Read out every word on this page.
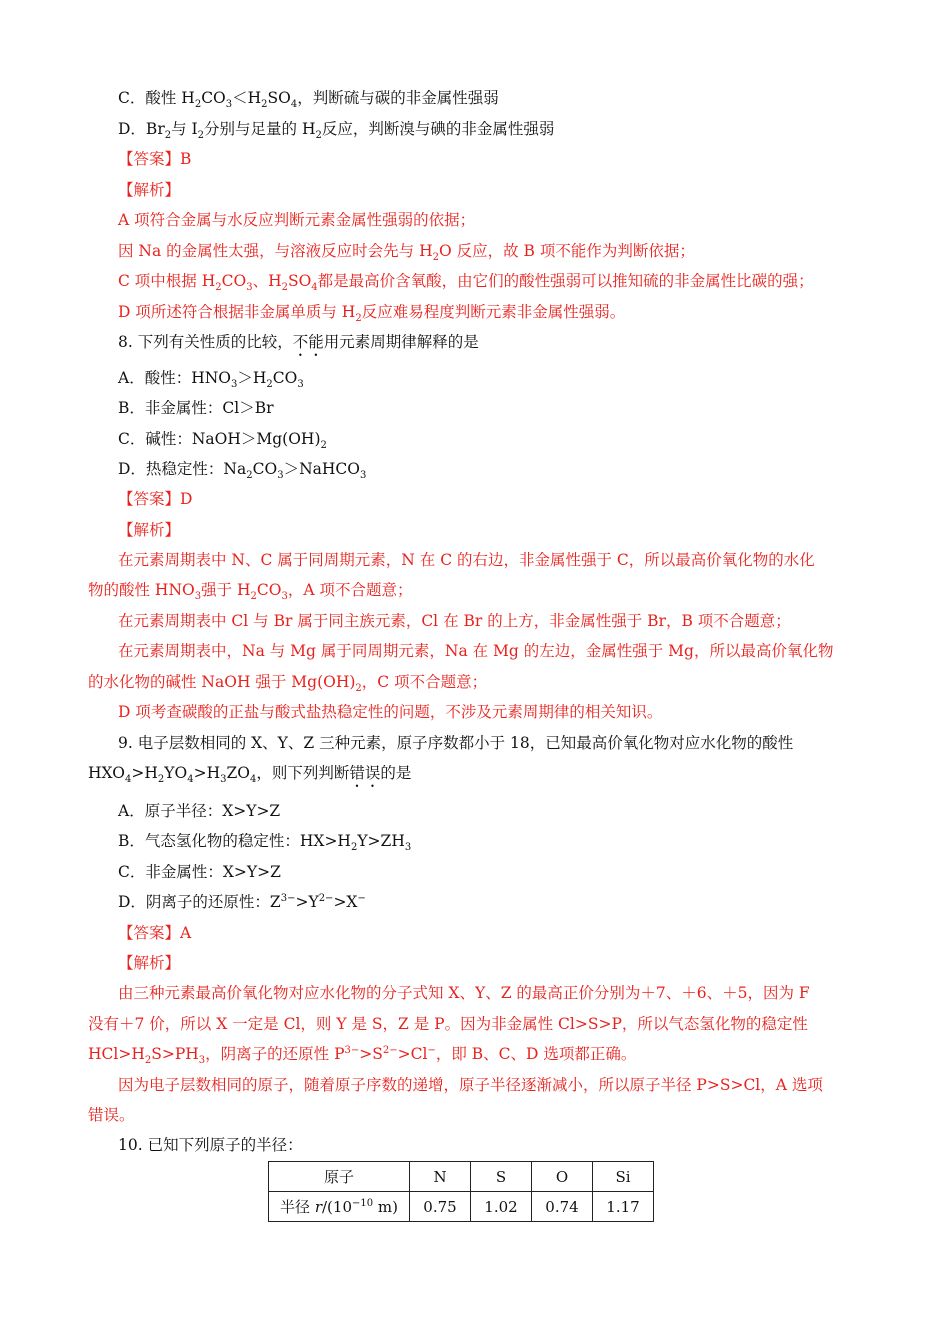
C．酸性 $H_2CO_3<H_2SO_4$，判断硫与碳的非金属性强弱
D．$Br_2$与 $I_2$分别与足量的 $H_2$反应，判断溴与碘的非金属性强弱
【答案】B
【解析】
A 项符合金属与水反应判断元素金属性强弱的依据；
因 Na 的金属性太强，与溶液反应时会先与 $H_2O$ 反应，故 B 项不能作为判断依据；
C 项中根据 $H_2CO_3$、$H_2SO_4$都是最高价含氧酸，由它们的酸性强弱可以推知硫的非金属性比碳的强；
D 项所述符合根据非金属单质与 $H_2$反应难易程度判断元素非金属性强弱。
8. 下列有关性质的比较，不能用元素周期律解释的是
A．酸性：$HNO_3>H_2CO_3$
B．非金属性：Cl＞Br
C．碱性：$NaOH>Mg(OH)_2$
D．热稳定性：$Na_2CO_3>NaHCO_3$
【答案】D
【解析】
在元素周期表中 N、C 属于同周期元素，N 在 C 的右边，非金属性强于 C，所以最高价氧化物的水化
物的酸性 $HNO_3$强于 $H_2CO_3$，A 项不合题意；
在元素周期表中 Cl 与 Br 属于同主族元素，Cl 在 Br 的上方，非金属性强于 Br，B 项不合题意；
在元素周期表中，Na 与 Mg 属于同周期元素，Na 在 Mg 的左边，金属性强于 Mg，所以最高价氧化物
的水化物的碱性 NaOH 强于 $Mg(OH)_2$，C 项不合题意；
D 项考查碳酸的正盐与酸式盐热稳定性的问题，不涉及元素周期律的相关知识。
9. 电子层数相同的 X、Y、Z 三种元素，原子序数都小于 18，已知最高价氧化物对应水化物的酸性
$HXO_4>H_2YO_4>H_3ZO_4$，则下列判断错误的是
A．原子半径：X>Y>Z
B．气态氢化物的稳定性：$HX>H_2Y>ZH_3$
C．非金属性：X>Y>Z
D．阴离子的还原性：$Z^{3-}>Y^{2-}>X^-$
【答案】A
【解析】
由三种元素最高价氧化物对应水化物的分子式知 X、Y、Z 的最高正价分别为＋7、＋6、＋5，因为 F
没有＋7 价，所以 X 一定是 Cl，则 Y 是 S，Z 是 P。因为非金属性 Cl>S>P，所以气态氢化物的稳定性
$HCl>H_2S>PH_3$，阴离子的还原性 $P^{3-}>S^{2-}>Cl^-$，即 B、C、D 选项都正确。
因为电子层数相同的原子，随着原子序数的递增，原子半径逐渐减小，所以原子半径 P>S>Cl，A 选项
错误。
10. 已知下列原子的半径：
原子	N	S	O	Si
半径 $r/(10^{-10}$ m)	0.75	1.02	0.74	1.17
